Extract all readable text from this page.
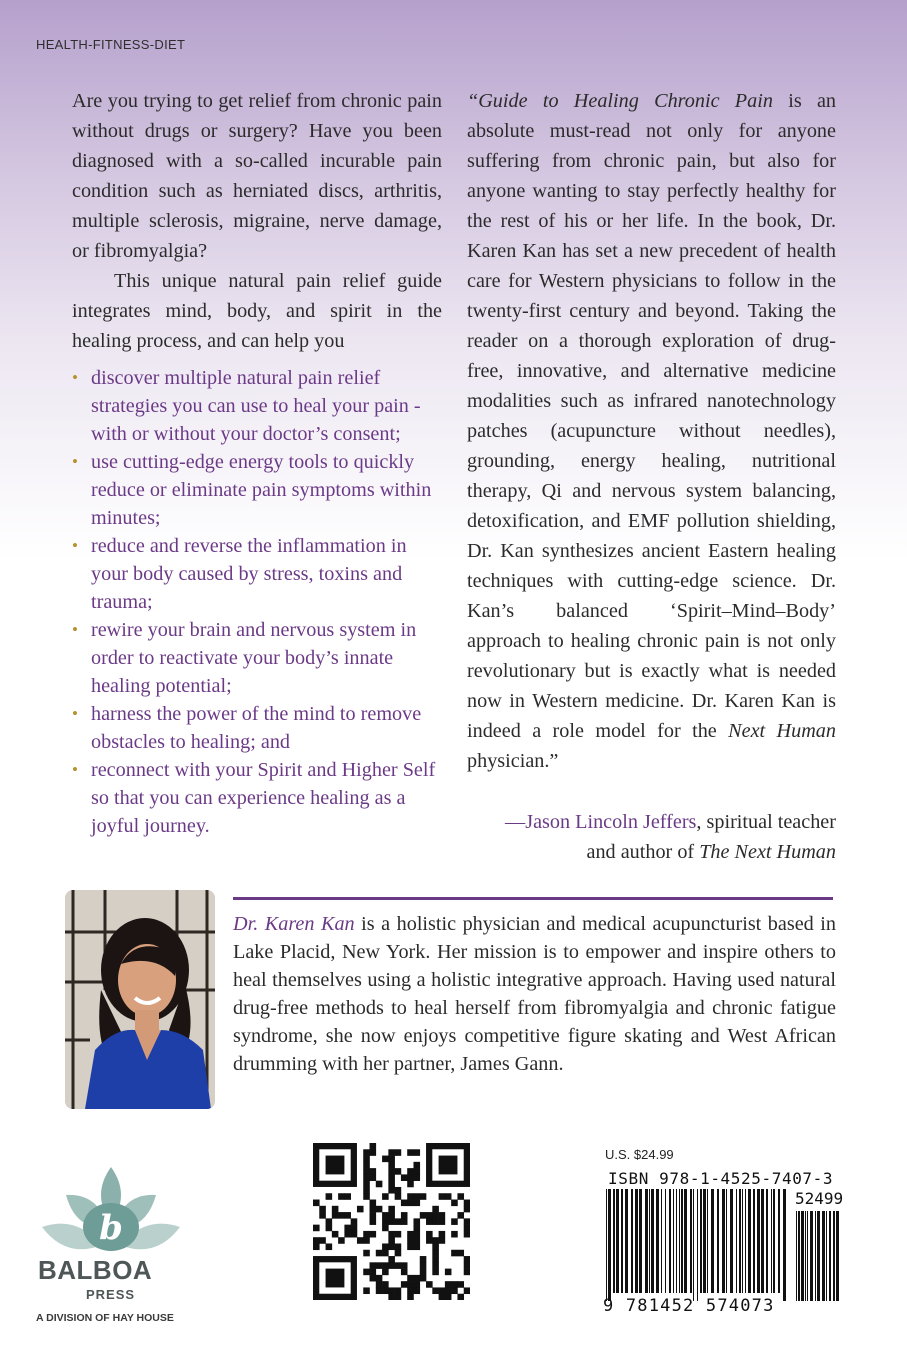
HEALTH-FITNESS-DIET

Are you trying to get relief from chronic pain without drugs or surgery? Have you been diagnosed with a so-called incurable pain condition such as herniated discs, arthritis, multiple sclerosis, migraine, nerve damage, or fibromyalgia?

This unique natural pain relief guide integrates mind, body, and spirit in the healing process, and can help you

• discover multiple natural pain relief strategies you can use to heal your pain - with or without your doctor’s consent;
• use cutting-edge energy tools to quickly reduce or eliminate pain symptoms within minutes;
• reduce and reverse the inflammation in your body caused by stress, toxins and trauma;
• rewire your brain and nervous system in order to reactivate your body’s innate healing potential;
• harness the power of the mind to remove obstacles to healing; and
• reconnect with your Spirit and Higher Self so that you can experience healing as a joyful journey.

“Guide to Healing Chronic Pain is an absolute must-read not only for anyone suffering from chronic pain, but also for anyone wanting to stay perfectly healthy for the rest of his or her life. In the book, Dr. Karen Kan has set a new precedent of health care for Western physicians to follow in the twenty-first century and beyond. Taking the reader on a thorough exploration of drug-free, innovative, and alternative medicine modalities such as infrared nanotechnology patches (acupuncture without needles), grounding, energy healing, nutritional therapy, Qi and nervous system balancing, detoxification, and EMF pollution shielding, Dr. Kan synthesizes ancient Eastern healing techniques with cutting-edge science. Dr. Kan’s balanced ‘Spirit–Mind–Body’ approach to healing chronic pain is not only revolutionary but is exactly what is needed now in Western medicine. Dr. Karen Kan is indeed a role model for the Next Human physician.”

—Jason Lincoln Jeffers, spiritual teacher
and author of The Next Human
Dr. Karen Kan is a holistic physician and medical acupuncturist based in Lake Placid, New York. Her mission is to empower and inspire others to heal themselves using a holistic integrative approach. Having used natural drug-free methods to heal herself from fibromyalgia and chronic fatigue syndrome, she now enjoys competitive figure skating and West African drumming with her partner, James Gann.
b
BALBOA
PRESS
A DIVISION OF HAY HOUSE
U.S. $24.99
ISBN 978-1-4525-7407-3
52499
9 781452 574073
